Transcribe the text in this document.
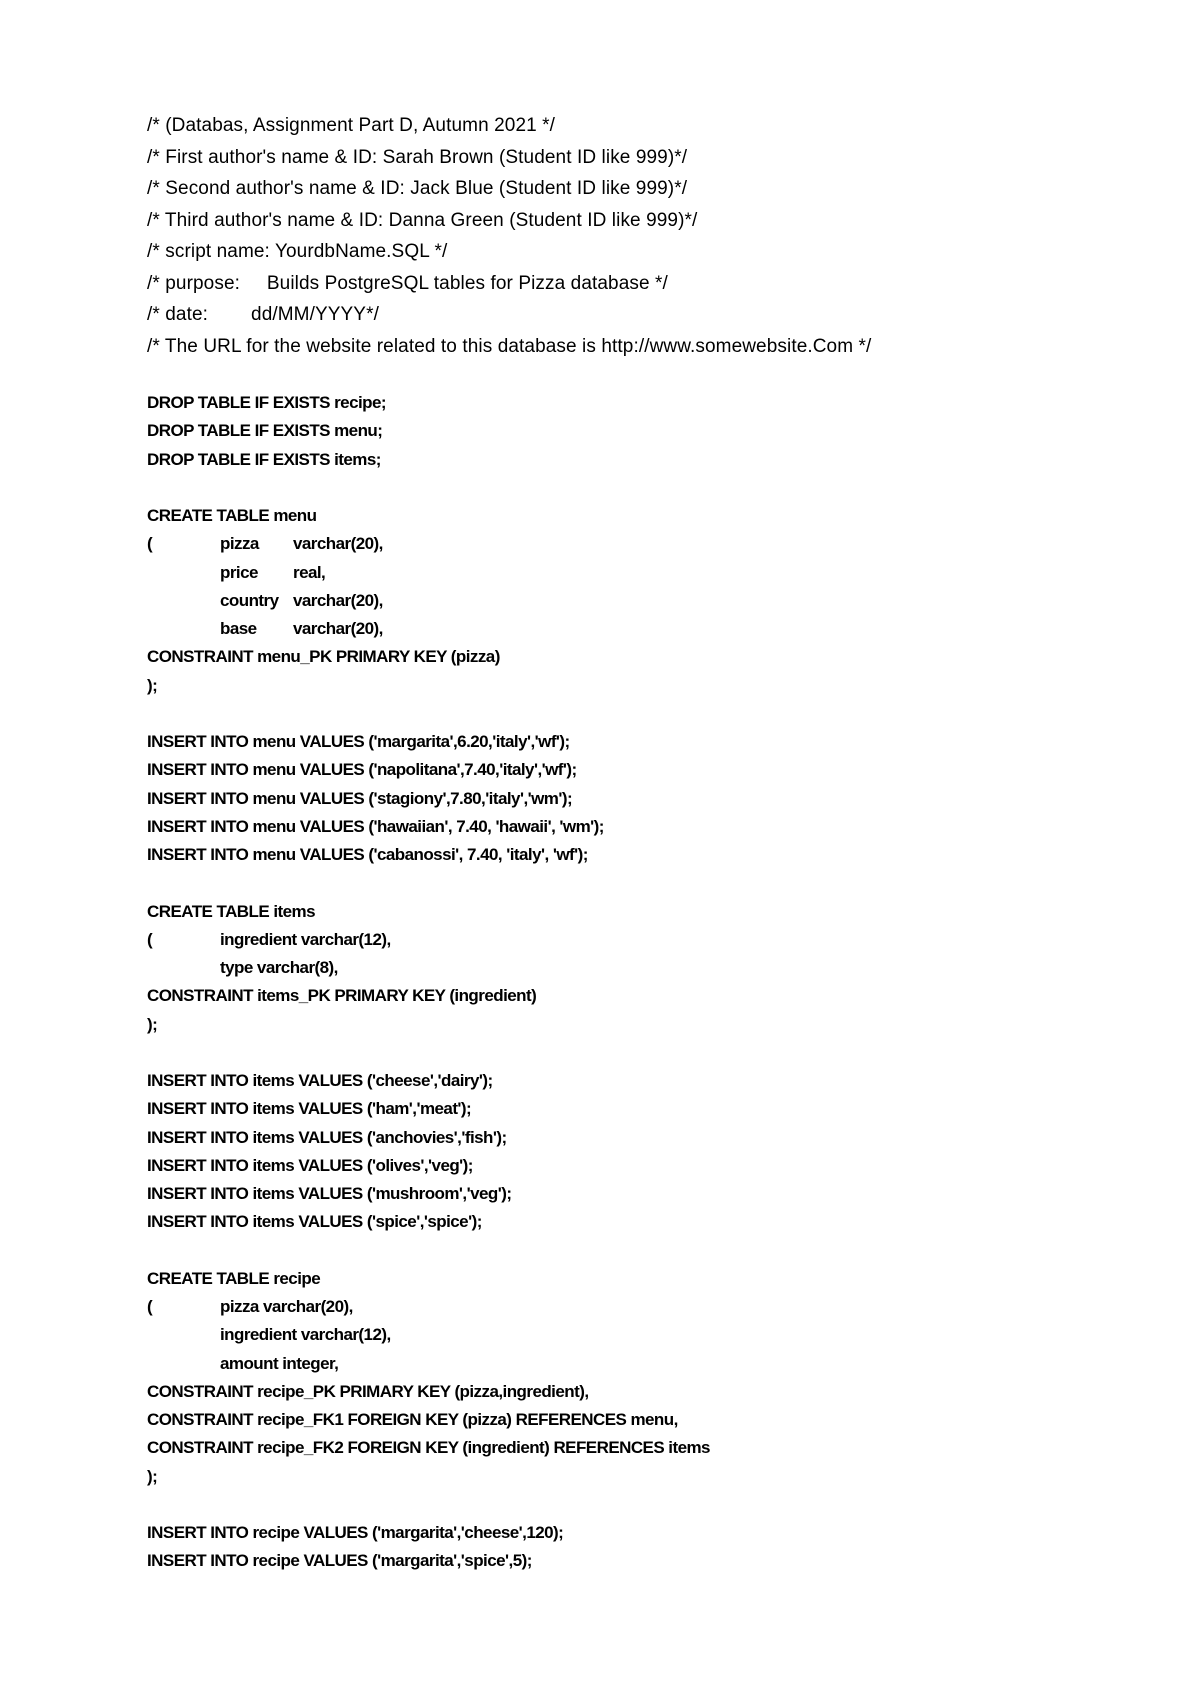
/* (Databas, Assignment Part D, Autumn 2021 */
/* First author's name & ID: Sarah Brown (Student ID like 999)*/
/* Second author's name & ID: Jack Blue (Student ID like 999)*/
/* Third author's name & ID: Danna Green (Student ID like 999)*/
/* script name: YourdbName.SQL */
/* purpose:     Builds PostgreSQL tables for Pizza database */
/* date:        dd/MM/YYYY*/
/* The URL for the website related to this database is http://www.somewebsite.Com */
DROP TABLE IF EXISTS recipe;
DROP TABLE IF EXISTS menu;
DROP TABLE IF EXISTS items;
CREATE TABLE menu
(	pizza varchar(20),
price real,
country varchar(20),
base varchar(20),
CONSTRAINT menu_PK PRIMARY KEY (pizza)
);
INSERT INTO menu VALUES ('margarita',6.20,'italy','wf');
INSERT INTO menu VALUES ('napolitana',7.40,'italy','wf');
INSERT INTO menu VALUES ('stagiony',7.80,'italy','wm');
INSERT INTO menu VALUES ('hawaiian', 7.40, 'hawaii', 'wm');
INSERT INTO menu VALUES ('cabanossi', 7.40, 'italy', 'wf');
CREATE TABLE items
(	ingredient varchar(12),
type varchar(8),
CONSTRAINT items_PK PRIMARY KEY (ingredient)
);
INSERT INTO items VALUES ('cheese','dairy');
INSERT INTO items VALUES ('ham','meat');
INSERT INTO items VALUES ('anchovies','fish');
INSERT INTO items VALUES ('olives','veg');
INSERT INTO items VALUES ('mushroom','veg');
INSERT INTO items VALUES ('spice','spice');
CREATE TABLE recipe
(	pizza varchar(20),
ingredient varchar(12),
amount integer,
CONSTRAINT recipe_PK PRIMARY KEY (pizza,ingredient),
CONSTRAINT recipe_FK1 FOREIGN KEY (pizza) REFERENCES menu,
CONSTRAINT recipe_FK2 FOREIGN KEY (ingredient) REFERENCES items
);
INSERT INTO recipe VALUES ('margarita','cheese',120);
INSERT INTO recipe VALUES ('margarita','spice',5);
